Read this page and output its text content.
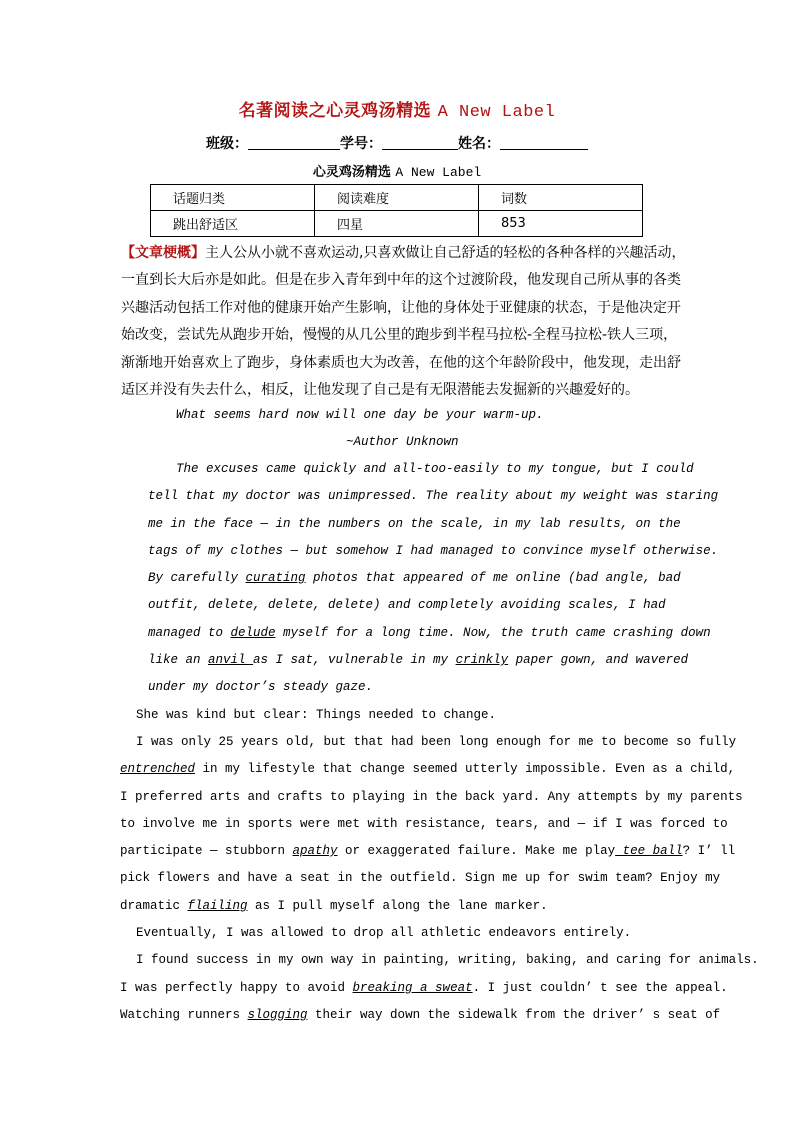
名著阅读之心灵鸡汤精选 A New Label
班级：	学号：	姓名：
心灵鸡汤精选 A New Label
话题归类	阅读难度	词数
跳出舒适区	四星	853
【文章梗概】主人公从小就不喜欢运动,只喜欢做让自己舒适的轻松的各种各样的兴趣活动，
一直到长大后亦是如此。但是在步入青年到中年的这个过渡阶段，他发现自己所从事的各类
兴趣活动包括工作对他的健康开始产生影响，让他的身体处于亚健康的状态，于是他决定开
始改变，尝试先从跑步开始，慢慢的从几公里的跑步到半程马拉松-全程马拉松-铁人三项，
渐渐地开始喜欢上了跑步，身体素质也大为改善，在他的这个年龄阶段中，他发现，走出舒
适区并没有失去什么，相反，让他发现了自己是有无限潜能去发掘新的兴趣爱好的。
What seems hard now will one day be your warm-up.
~Author Unknown
The excuses came quickly and all-too-easily to my tongue, but I could
tell that my doctor was unimpressed. The reality about my weight was staring
me in the face — in the numbers on the scale, in my lab results, on the
tags of my clothes — but somehow I had managed to convince myself otherwise.
By carefully curating photos that appeared of me online (bad angle, bad
outfit, delete, delete, delete) and completely avoiding scales, I had
managed to delude myself for a long time. Now, the truth came crashing down
like an anvil as I sat, vulnerable in my crinkly paper gown, and wavered
under my doctor’s steady gaze.
She was kind but clear: Things needed to change.
I was only 25 years old, but that had been long enough for me to become so fully
entrenched in my lifestyle that change seemed utterly impossible. Even as a child,
I preferred arts and crafts to playing in the back yard. Any attempts by my parents
to involve me in sports were met with resistance, tears, and — if I was forced to
participate — stubborn apathy or exaggerated failure. Make me play tee ball? I’ ll
pick flowers and have a seat in the outfield. Sign me up for swim team? Enjoy my
dramatic flailing as I pull myself along the lane marker.
Eventually, I was allowed to drop all athletic endeavors entirely.
I found success in my own way in painting, writing, baking, and caring for animals.
I was perfectly happy to avoid breaking a sweat. I just couldn’ t see the appeal.
Watching runners slogging their way down the sidewalk from the driver’ s seat of
